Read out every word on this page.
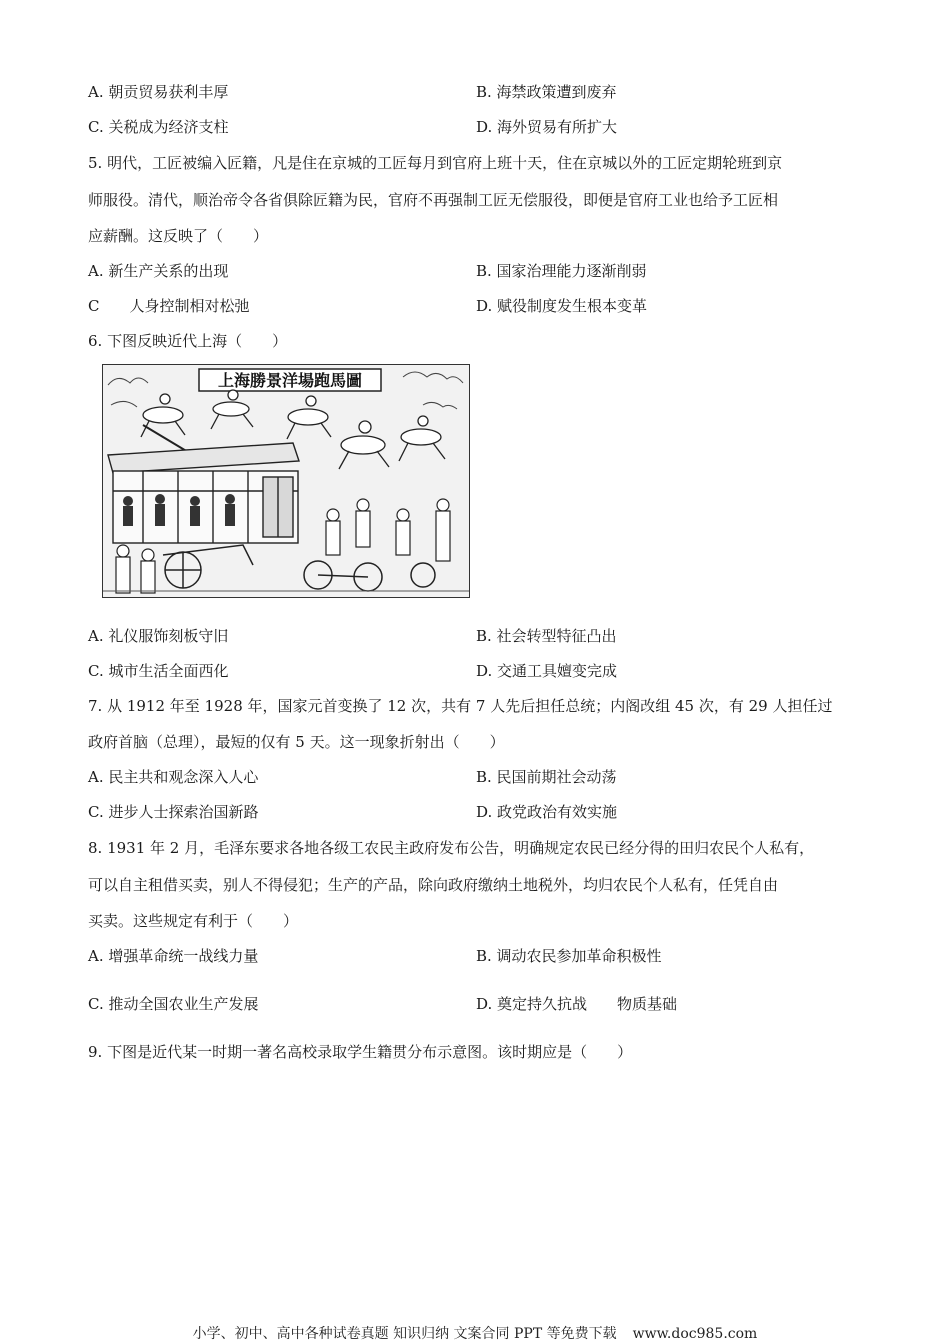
A. 朝贡贸易获利丰厚	B. 海禁政策遭到废弃
C. 关税成为经济支柱	D. 海外贸易有所扩大
5. 明代，工匠被编入匠籍，凡是住在京城的工匠每月到官府上班十天，住在京城以外的工匠定期轮班到京
师服役。清代，顺治帝令各省俱除匠籍为民，官府不再强制工匠无偿服役，即便是官府工业也给予工匠相
应薪酬。这反映了（　　）
A. 新生产关系的出现	B. 国家治理能力逐渐削弱
C　　人身控制相对松弛	D. 赋役制度发生根本变革
6. 下图反映近代上海（　　）
上海勝景洋場跑馬圖
A. 礼仪服饰刻板守旧	B. 社会转型特征凸出
C. 城市生活全面西化	D. 交通工具嬗变完成
7. 从 1912 年至 1928 年，国家元首变换了 12 次，共有 7 人先后担任总统；内阁改组 45 次，有 29 人担任过
政府首脑（总理），最短的仅有 5 天。这一现象折射出（　　）
A. 民主共和观念深入人心	B. 民国前期社会动荡
C. 进步人士探索治国新路	D. 政党政治有效实施
8. 1931 年 2 月，毛泽东要求各地各级工农民主政府发布公告，明确规定农民已经分得的田归农民个人私有，
可以自主租借买卖，别人不得侵犯；生产的产品，除向政府缴纳土地税外，均归农民个人私有，任凭自由
买卖。这些规定有利于（　　）
A. 增强革命统一战线力量	B. 调动农民参加革命积极性
C. 推动全国农业生产发展	D. 奠定持久抗战　　物质基础
9. 下图是近代某一时期一著名高校录取学生籍贯分布示意图。该时期应是（　　）
小学、初中、高中各种试卷真题 知识归纳 文案合同 PPT 等免费下载 www.doc985.com
